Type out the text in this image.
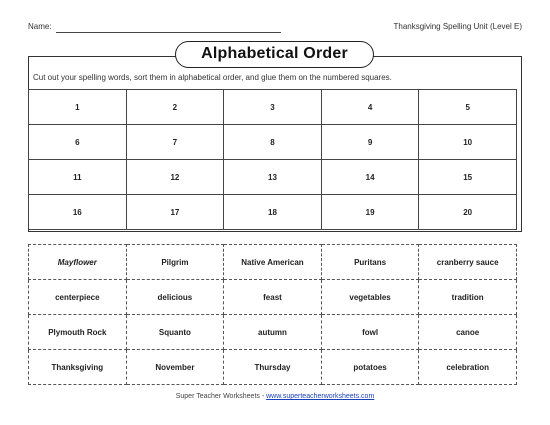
Name:	Thanksgiving Spelling Unit (Level E)
Alphabetical Order
Cut out your spelling words, sort them in alphabetical order, and glue them on the numbered squares.
1	2	3	4	5
6	7	8	9	10
11	12	13	14	15
16	17	18	19	20
Mayflower	Pilgrim	Native American	Puritans	cranberry sauce
centerpiece	delicious	feast	vegetables	tradition
Plymouth Rock	Squanto	autumn	fowl	canoe
Thanksgiving	November	Thursday	potatoes	celebration
Super Teacher Worksheets - www.superteacherworksheets.com
